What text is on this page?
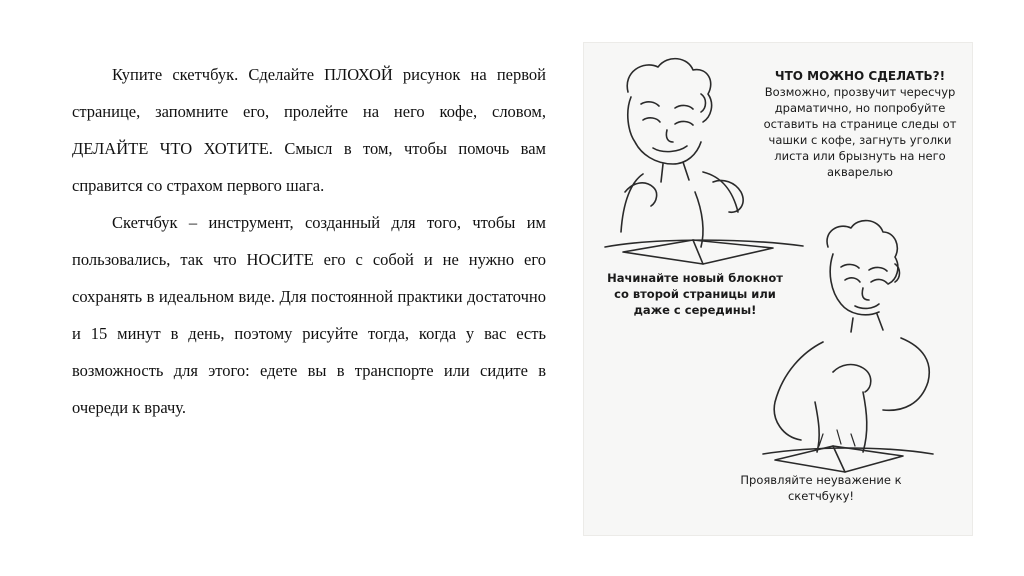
Купите скетчбук. Сделайте ПЛОХОЙ рисунок на первой странице, запомните его, пролейте на него кофе, словом, ДЕЛАЙТЕ ЧТО ХОТИТЕ. Смысл в том, чтобы помочь вам справится со страхом первого шага.

Скетчбук – инструмент, созданный для того, чтобы им пользовались, так что НОСИТЕ его с собой и не нужно его сохранять в идеальном виде. Для постоянной практики достаточно и 15 минут в день, поэтому рисуйте тогда, когда у вас есть возможность для этого: едете вы в транспорте или сидите в очереди к врачу.

ЧТО МОЖНО СДЕЛАТЬ?!
Возможно, прозвучит чересчур драматично, но попробуйте оставить на странице следы от чашки с кофе, загнуть уголки листа или брызнуть на него акварелью
Начинайте новый блокнот со второй страницы или даже с середины!
Проявляйте неуважение к скетчбуку!
